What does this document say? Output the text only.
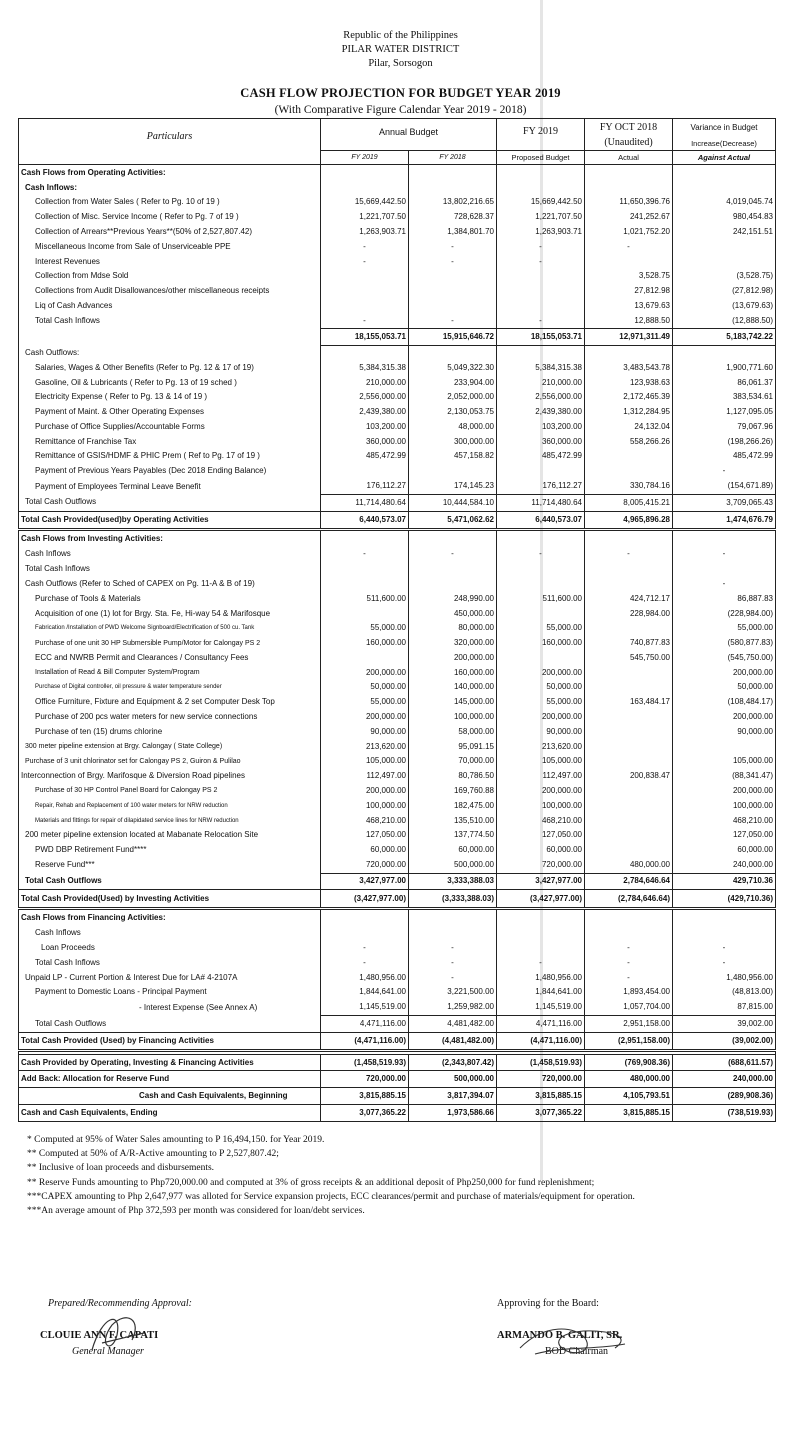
Republic of the Philippines
PILAR WATER DISTRICT
Pilar, Sorsogon
CASH FLOW PROJECTION FOR BUDGET YEAR 2019
(With Comparative Figure Calendar Year 2019 - 2018)
Particulars	Annual Budget		FY 2019	FY OCT 2018	Variance in Budget
				(Unaudited)	Increase(Decrease)
	FY 2019	FY 2018	Proposed Budget	Actual	Against Actual
Cash Flows from Operating Activities:					
Cash Inflows:					
Collection from Water Sales ( Refer to Pg. 10 of 19 )	15,669,442.50	13,802,216.65	15,669,442.50	11,650,396.76	4,019,045.74
Collection of Misc. Service Income ( Refer to Pg. 7 of 19 )	1,221,707.50	728,628.37	1,221,707.50	241,252.67	980,454.83
Collection of Arrears**Previous Years**(50% of 2,527,807.42)	1,263,903.71	1,384,801.70	1,263,903.71	1,021,752.20	242,151.51
Miscellaneous Income from Sale of Unserviceable PPE	-	-	-	-	
Interest Revenues	-	-	-		
Collection from Mdse Sold				3,528.75	(3,528.75)
Collections from Audit Disallowances/other miscellaneous receipts				27,812.98	(27,812.98)
Liq of Cash Advances				13,679.63	(13,679.63)
Total Cash Inflows	-	-	-	12,888.50	(12,888.50)
	18,155,053.71	15,915,646.72	18,155,053.71	12,971,311.49	5,183,742.22
Cash Outflows:					
Salaries, Wages & Other Benefits (Refer to Pg. 12 & 17 of 19)	5,384,315.38	5,049,322.30	5,384,315.38	3,483,543.78	1,900,771.60
Gasoline, Oil & Lubricants ( Refer to Pg. 13 of 19 sched )	210,000.00	233,904.00	210,000.00	123,938.63	86,061.37
Electricity Expense ( Refer to Pg. 13 & 14 of 19 )	2,556,000.00	2,052,000.00	2,556,000.00	2,172,465.39	383,534.61
Payment of Maint. & Other Operating Expenses	2,439,380.00	2,130,053.75	2,439,380.00	1,312,284.95	1,127,095.05
Purchase of Office Supplies/Accountable Forms	103,200.00	48,000.00	103,200.00	24,132.04	79,067.96
Remittance of Franchise Tax	360,000.00	300,000.00	360,000.00	558,266.26	(198,266.26)
Remittance of GSIS/HDMF & PHIC Prem ( Ref to Pg. 17 of 19 )	485,472.99	457,158.82	485,472.99		485,472.99
Payment of Previous Years Payables (Dec 2018 Ending Balance)					-
Payment of Employees Terminal Leave Benefit	176,112.27	174,145.23	176,112.27	330,784.16	(154,671.89)
Total Cash Outflows	11,714,480.64	10,444,584.10	11,714,480.64	8,005,415.21	3,709,065.43
Total Cash Provided(used)by Operating Activities	6,440,573.07	5,471,062.62	6,440,573.07	4,965,896.28	1,474,676.79
Cash Flows from Investing Activities:					
Cash Inflows	-	-	-	-	-
Total Cash Inflows					
Cash Outflows (Refer to Sched of CAPEX on Pg. 11-A & B of 19)					-
Purchase of Tools & Materials	511,600.00	248,990.00	511,600.00	424,712.17	86,887.83
Acquisition of one (1) lot for Brgy. Sta. Fe, Hi-way 54 & Marifosque		450,000.00		228,984.00	(228,984.00)
Fabrication /Installation of PWD Welcome Signboard/Electrification of 500 cu. Tank	55,000.00	80,000.00	55,000.00		55,000.00
Purchase of one unit 30 HP Submersible Pump/Motor for Calongay PS 2	160,000.00	320,000.00	160,000.00	740,877.83	(580,877.83)
ECC and NWRB Permit and Clearances / Consultancy Fees		200,000.00		545,750.00	(545,750.00)
Installation of Read & Bill Computer System/Program	200,000.00	160,000.00	200,000.00		200,000.00
Purchase of Digital controller, oil pressure & water temperature sender	50,000.00	140,000.00	50,000.00		50,000.00
Office Furniture, Fixture and Equipment & 2 set Computer Desk Top	55,000.00	145,000.00	55,000.00	163,484.17	(108,484.17)
Purchase of 200 pcs water meters for new service connections	200,000.00	100,000.00	200,000.00		200,000.00
Purchase of ten (15) drums chlorine	90,000.00	58,000.00	90,000.00		90,000.00
300 meter pipeline extension at Brgy. Calongay ( State College)	213,620.00	95,091.15	213,620.00		
Purchase of 3 unit chlorinator set for Calongay PS 2, Guiron & Pulilao	105,000.00	70,000.00	105,000.00		105,000.00
Interconnection of Brgy. Marifosque & Diversion Road pipelines	112,497.00	80,786.50	112,497.00	200,838.47	(88,341.47)
Purchase of 30 HP Control Panel Board for Calongay PS 2	200,000.00	169,760.88	200,000.00		200,000.00
Repair, Rehab and Replacement of 100 water meters for NRW reduction	100,000.00	182,475.00	100,000.00		100,000.00
Materials and fittings for repair of dilapidated service lines for NRW reduction	468,210.00	135,510.00	468,210.00		468,210.00
200 meter pipeline extension located at Mabanate Relocation Site	127,050.00	137,774.50	127,050.00		127,050.00
PWD DBP Retirement Fund****	60,000.00	60,000.00	60,000.00		60,000.00
Reserve Fund***	720,000.00	500,000.00	720,000.00	480,000.00	240,000.00
Total Cash Outflows	3,427,977.00	3,333,388.03	3,427,977.00	2,784,646.64	429,710.36
Total Cash Provided(Used) by Investing Activities	(3,427,977.00)	(3,333,388.03)	(3,427,977.00)	(2,784,646.64)	(429,710.36)
Cash Flows from Financing Activities:					
Cash Inflows					
Loan Proceeds	-	-		-	-
Total Cash Inflows	-	-	-	-	-
Unpaid LP - Current Portion & Interest Due for LA# 4-2107A	1,480,956.00	-	1,480,956.00	-	1,480,956.00
Payment to Domestic Loans - Principal Payment	1,844,641.00	3,221,500.00	1,844,641.00	1,893,454.00	(48,813.00)
- Interest Expense (See Annex A)	1,145,519.00	1,259,982.00	1,145,519.00	1,057,704.00	87,815.00
Total Cash Outflows	4,471,116.00	4,481,482.00	4,471,116.00	2,951,158.00	39,002.00
Total Cash Provided (Used) by Financing Activities	(4,471,116.00)	(4,481,482.00)	(4,471,116.00)	(2,951,158.00)	(39,002.00)

Cash Provided by Operating, Investing & Financing Activities	(1,458,519.93)	(2,343,807.42)	(1,458,519.93)	(769,908.36)	(688,611.57)
Add Back: Allocation for Reserve Fund	720,000.00	500,000.00	720,000.00	480,000.00	240,000.00
Cash and Cash Equivalents, Beginning	3,815,885.15	3,817,394.07	3,815,885.15	4,105,793.51	(289,908.36)
Cash and Cash Equivalents, Ending	3,077,365.22	1,973,586.66	3,077,365.22	3,815,885.15	(738,519.93)
* Computed at 95% of Water Sales amounting to P 16,494,150. for Year 2019.
** Computed at 50% of A/R-Active amounting to P 2,527,807.42;
** Inclusive of loan proceeds and disbursements.
** Reserve Funds amounting to Php720,000.00 and computed at 3% of gross receipts & an additional deposit of Php250,000 for fund replenishment;
***CAPEX amounting to Php 2,647,977 was alloted for Service expansion projects, ECC clearances/permit and purchase of materials/equipment for operation.
***An average amount of Php 372,593 per month was considered for loan/debt services.
Prepared/Recommending Approval:
CLOUIE ANN F. CAPATI
General Manager
Approving for the Board:
ARMANDO B. GALIT, SR.
BOD Chairman
